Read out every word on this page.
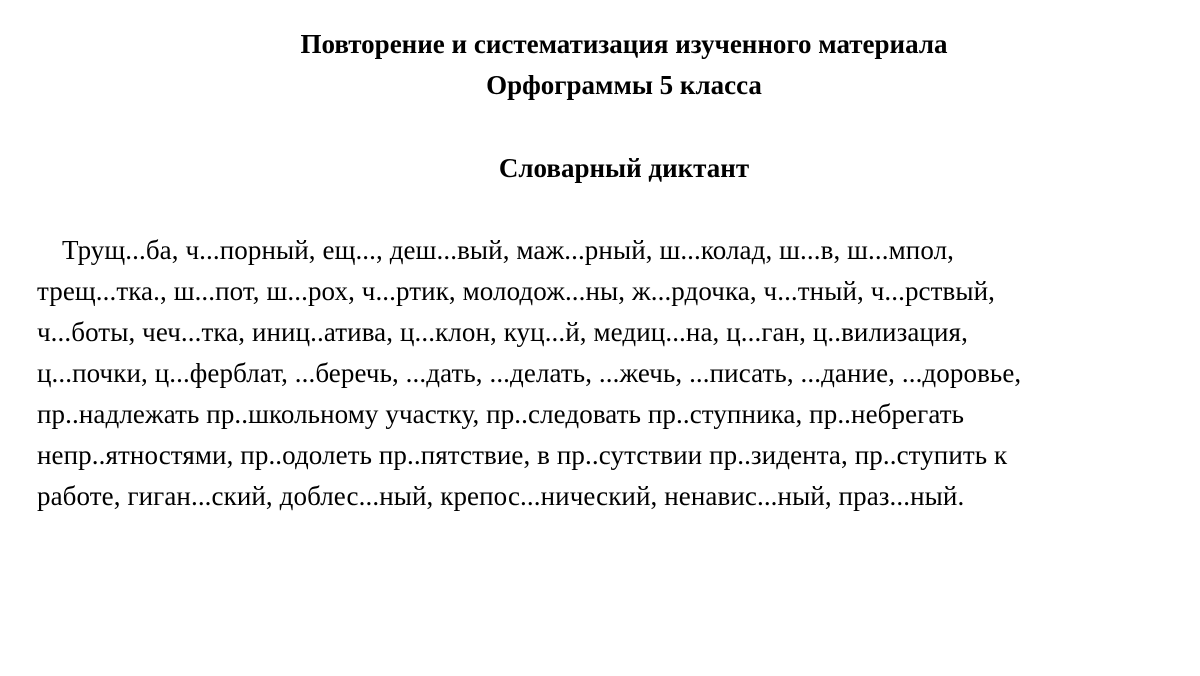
Повторение и систематизация изученного материала
Орфограммы 5 класса
Словарный диктант
Трущ...ба, ч...порный, ещ..., деш...вый, маж...рный, ш...колад, ш...в, ш...мпол,
трещ...тка., ш...пот, ш...рох, ч...ртик, молодож...ны, ж...рдочка, ч...тный, ч...рствый,
ч...боты, чеч...тка, иниц..атива, ц...клон, куц...й, медиц...на, ц...ган, ц..вилизация,
ц...почки, ц...ферблат, ...беречь, ...дать, ...делать, ...жечь, ...писать, ...дание, ...доровье,
пр..надлежать пр..школьному участку, пр..следовать пр..ступника, пр..небрегать
непр..ятностями, пр..одолеть пр..пятствие, в пр..сутствии пр..зидента, пр..ступить к
работе, гиган...ский, доблес...ный, крепос...нический, ненавис...ный, праз...ный.
